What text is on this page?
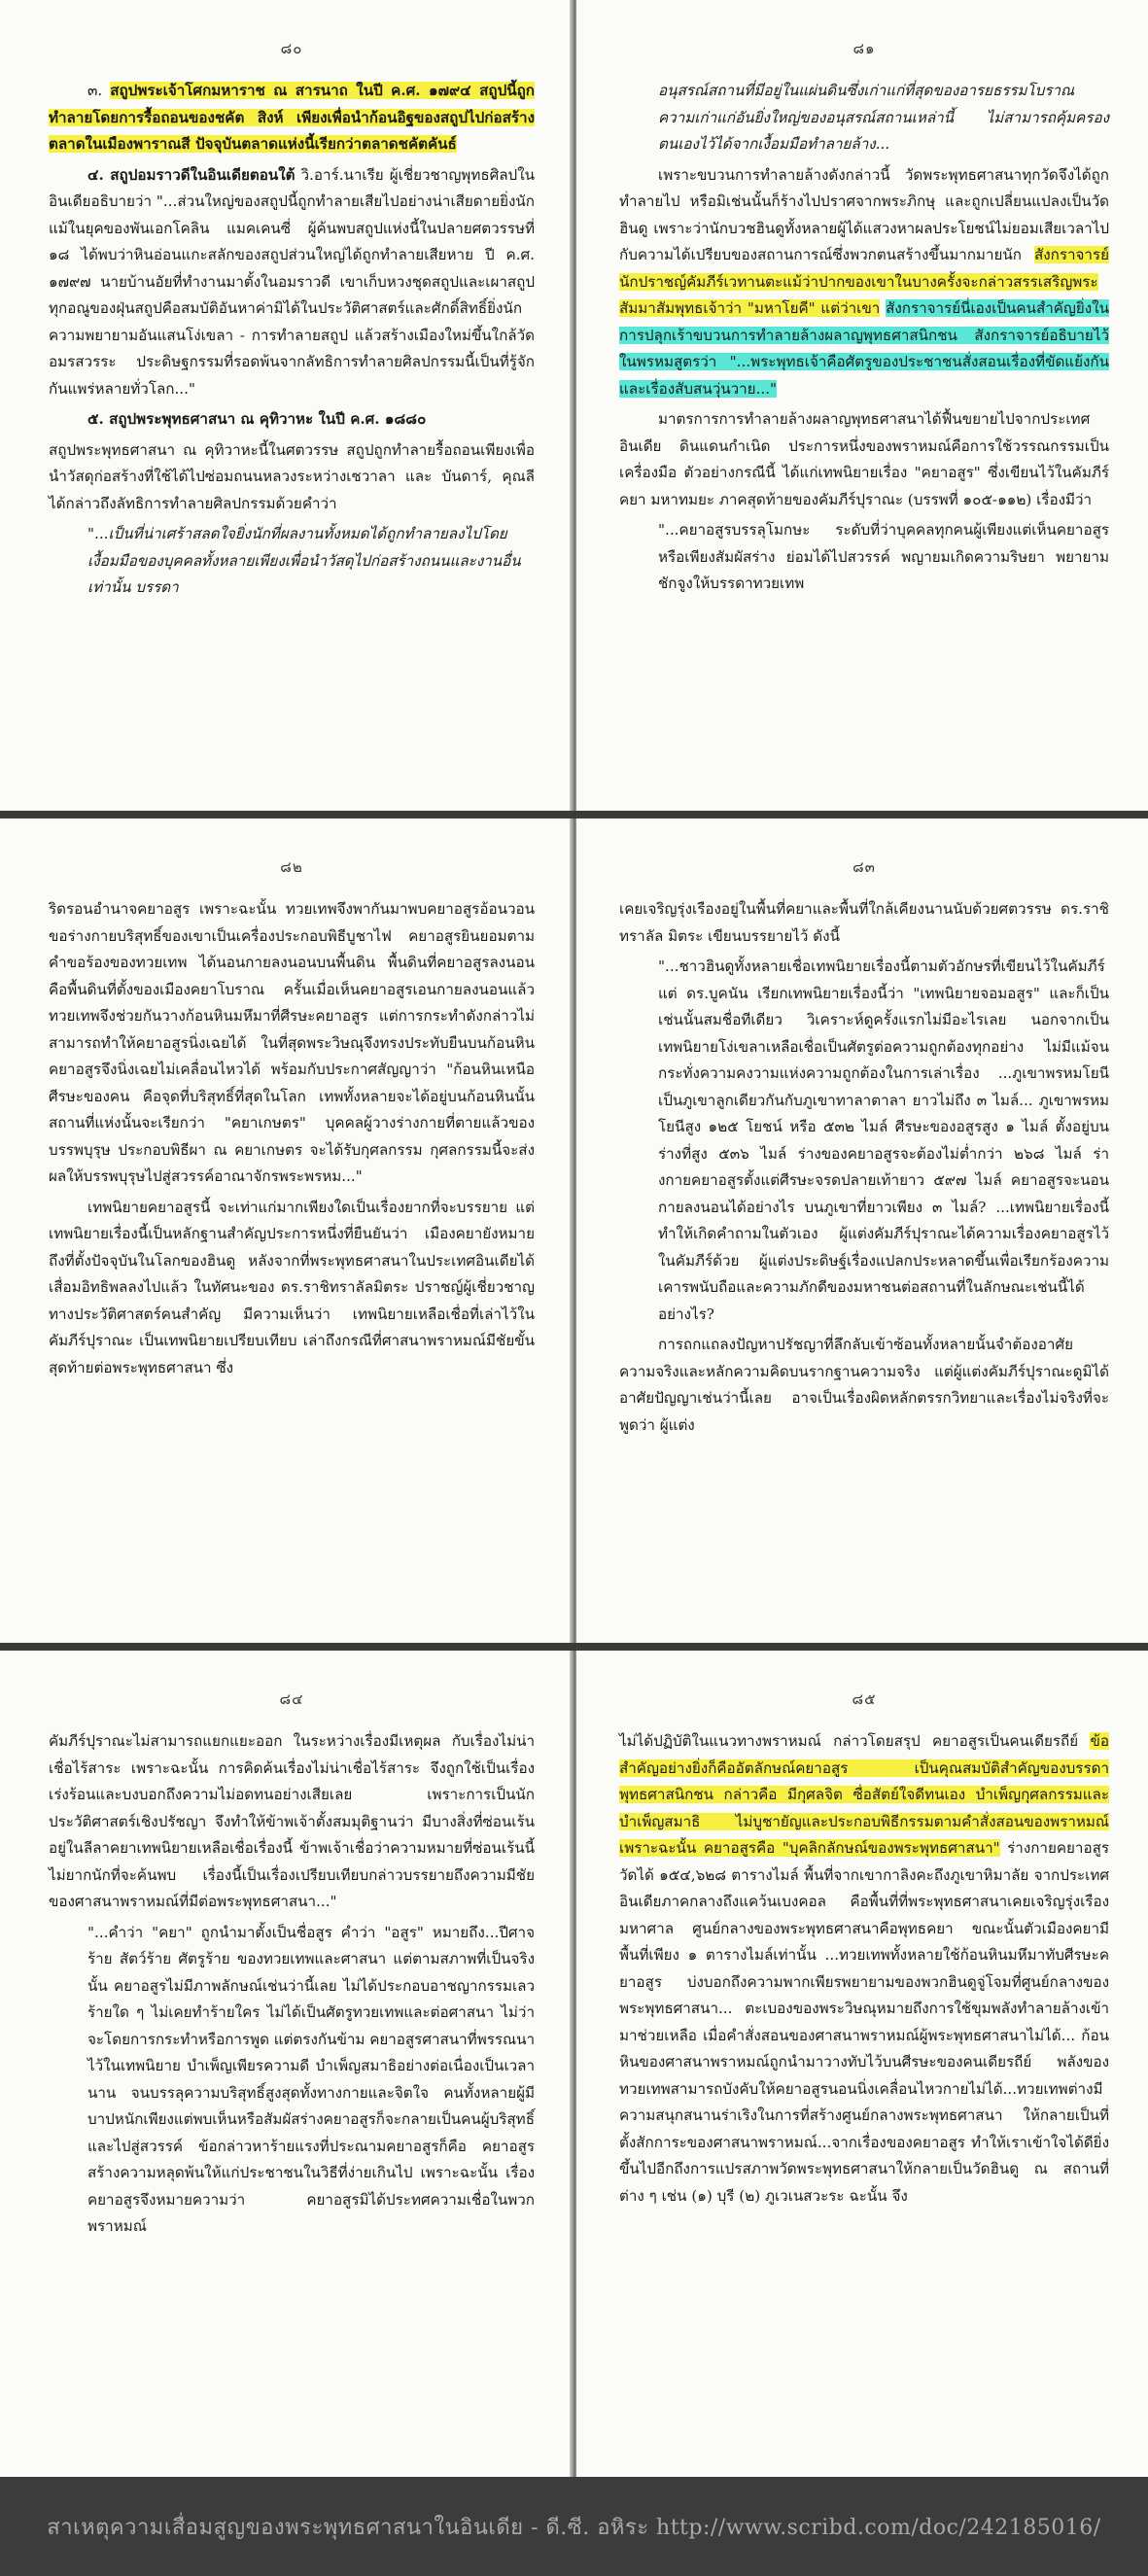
๘๐

๓. สถูปพระเจ้าโศกมหาราช ณ สารนาถ ในปี ค.ศ. ๑๗๙๔ สถูปนี้ถูกทำลายโดยการรื้อถอนของชคัต สิงห์ เพียงเพื่อนำก้อนอิฐของสถูปไปก่อสร้างตลาดในเมืองพาราณสี ปัจจุบันตลาดแห่งนี้เรียกว่าตลาดชคัตคันธ์

๔. สถูปอมราวดีในอินเดียตอนใต้ วิ.อาร์.นาเรีย ผู้เชี่ยวชาญพุทธศิลปในอินเดียอธิบายว่า "...ส่วนใหญ่ของสถูปนี้ถูกทำลายเสียไปอย่างน่าเสียดายยิ่งนัก แม้ในยุคของพันเอกโคลิน แมคเคนซี่ ผู้ค้นพบสถูปแห่งนี้ในปลายศตวรรษที่ ๑๘ ได้พบว่าหินอ่อนแกะสลักของสถูปส่วนใหญ่ได้ถูกทำลายเสียหาย ปี ค.ศ. ๑๗๙๗ นายบ้านอัยที่ทำงานมาตั้งในอมราวดี เขาเก็บหวงชุดสถูปและเผาสถูป ทุกอณูของฝุ่นสถูปคือสมบัติอันหาค่ามิได้ในประวัติศาสตร์และศักดิ์สิทธิ์ยิ่งนัก ความพยายามอันแสนโง่เขลา - การทำลายสถูป แล้วสร้างเมืองใหม่ขึ้นใกล้วัดอมรสวรระ ประดิษฐกรรมที่รอดพ้นจากลัทธิการทำลายศิลปกรรมนี้เป็นที่รู้จักกันแพร่หลายทั่วโลก..."

๕. สถูปพระพุทธศาสนา ณ คุทิวาหะ ในปี ค.ศ. ๑๘๘๐

สถูปพระพุทธศาสนา ณ คุทิวาหะนี้ในศตวรรษ สถูปถูกทำลายรื้อถอนเพียงเพื่อนำวัสดุก่อสร้างที่ใช้ได้ไปซ่อมถนนหลวงระหว่างเชวาลา และ บันดาร์, คุณลี ได้กล่าวถึงลัทธิการทำลายศิลปกรรมด้วยคำว่า

"...เป็นที่น่าเศร้าสลดใจยิ่งนักที่ผลงานทั้งหมดได้ถูกทำลายลงไปโดยเงื้อมมือของบุคคลทั้งหลายเพียงเพื่อนำวัสดุไปก่อสร้างถนนและงานอื่นเท่านั้น บรรดา

๘๑

อนุสรณ์สถานที่มีอยู่ในแผ่นดินซึ่งเก่าแก่ที่สุดของอารยธรรมโบราณ ความเก่าแก่อันยิ่งใหญ่ของอนุสรณ์สถานเหล่านี้ ไม่สามารถคุ้มครองตนเองไว้ได้จากเงื้อมมือทำลายล้าง...

เพราะขบวนการทำลายล้างดังกล่าวนี้ วัดพระพุทธศาสนาทุกวัดจึงได้ถูกทำลายไป หรือมิเช่นนั้นก็ร้างไปปราศจากพระภิกษุ และถูกเปลี่ยนแปลงเป็นวัดฮินดู เพราะว่านักบวชฮินดูทั้งหลายผู้ได้แสวงหาผลประโยชน์ไม่ยอมเสียเวลาไปกับความได้เปรียบของสถานการณ์ซึ่งพวกตนสร้างขึ้นมากมายนัก สังกราจารย์นักปราชญ์คัมภีร์เวทานตะแม้ว่าปากของเขาในบางครั้งจะกล่าวสรรเสริญพระสัมมาสัมพุทธเจ้าว่า "มหาโยคี" แต่ว่าเขา สังกราจารย์นี่เองเป็นคนสำคัญยิ่งในการปลุกเร้าขบวนการทำลายล้างผลาญพุทธศาสนิกชน สังกราจารย์อธิบายไว้ในพรหมสูตรว่า "...พระพุทธเจ้าคือศัตรูของประชาชนสั่งสอนเรื่องที่ขัดแย้งกัน และเรื่องสับสนวุ่นวาย..."

มาตรการการทำลายล้างผลาญพุทธศาสนาได้ฟื้นขยายไปจากประเทศอินเดีย ดินแดนกำเนิด ประการหนึ่งของพราหมณ์คือการใช้วรรณกรรมเป็นเครื่องมือ ตัวอย่างกรณีนี้ ได้แก่เทพนิยายเรื่อง "คยาอสูร" ซึ่งเขียนไว้ในคัมภีร์คยา มหาทมยะ ภาคสุดท้ายของคัมภีร์ปุราณะ (บรรพที่ ๑๐๕-๑๑๒) เรื่องมีว่า

"...คยาอสูรบรรลุโมกษะ ระดับที่ว่าบุคคลทุกคนผู้เพียงแต่เห็นคยาอสูร หรือเพียงสัมผัสร่าง ย่อมได้ไปสวรรค์ พญายมเกิดความริษยา พยายามชักจูงให้บรรดาทวยเทพ

๘๒

ริดรอนอำนาจคยาอสูร เพราะฉะนั้น ทวยเทพจึงพากันมาพบคยาอสูรอ้อนวอนขอร่างกายบริสุทธิ์ของเขาเป็นเครื่องประกอบพิธีบูชาไฟ คยาอสูรยินยอมตามคำขอร้องของทวยเทพ ได้นอนกายลงนอนบนพื้นดิน พื้นดินที่คยาอสูรลงนอน คือพื้นดินที่ตั้งของเมืองคยาโบราณ ครั้นเมื่อเห็นคยาอสูรเอนกายลงนอนแล้ว ทวยเทพจึงช่วยกันวางก้อนหินมหึมาที่ศีรษะคยาอสูร แต่การกระทำดังกล่าวไม่สามารถทำให้คยาอสูรนิ่งเฉยได้ ในที่สุดพระวิษณุจึงทรงประทับยืนบนก้อนหิน คยาอสูรจึงนิ่งเฉยไม่เคลื่อนไหวได้ พร้อมกับประกาศสัญญาว่า "ก้อนหินเหนือศีรษะของคน คือจุดที่บริสุทธิ์ที่สุดในโลก เทพทั้งหลายจะได้อยู่บนก้อนหินนั้น สถานที่แห่งนั้นจะเรียกว่า "คยาเกษตร" บุคคลผู้วางร่างกายที่ตายแล้วของบรรพบุรุษ ประกอบพิธีผา ณ คยาเกษตร จะได้รับกุศลกรรม กุศลกรรมนี้จะส่งผลให้บรรพบุรุษไปสู่สวรรค์อาณาจักรพระพรหม..."

เทพนิยายคยาอสูรนี้ จะเท่าแก่มากเพียงใดเป็นเรื่องยากที่จะบรรยาย แต่เทพนิยายเรื่องนี้เป็นหลักฐานสำคัญประการหนึ่งที่ยืนยันว่า เมืองคยายังหมายถึงที่ตั้งปัจจุบันในโลกของฮินดู หลังจากที่พระพุทธศาสนาในประเทศอินเดียได้เสื่อมอิทธิพลลงไปแล้ว ในทัศนะของ ดร.ราชิทราลัลมิตระ ปราชญ์ผู้เชี่ยวชาญทางประวัติศาสตร์คนสำคัญ มีความเห็นว่า เทพนิยายเหลือเชื่อที่เล่าไว้ในคัมภีร์ปุราณะ เป็นเทพนิยายเปรียบเทียบ เล่าถึงกรณีที่ศาสนาพราหมณ์มีชัยขั้นสุดท้ายต่อพระพุทธศาสนา ซึ่ง

๘๓

เคยเจริญรุ่งเรืองอยู่ในพื้นที่คยาและพื้นที่ใกล้เคียงนานนับด้วยศตวรรษ ดร.ราชิทราลัล มิตระ เขียนบรรยายไว้ ดังนี้

"...ชาวฮินดูทั้งหลายเชื่อเทพนิยายเรื่องนี้ตามตัวอักษรที่เขียนไว้ในคัมภีร์ แต่ ดร.บูคนัน เรียกเทพนิยายเรื่องนี้ว่า "เทพนิยายจอมอสูร" และก็เป็นเช่นนั้นสมชื่อทีเดียว วิเคราะห์ดูครั้งแรกไม่มีอะไรเลย นอกจากเป็นเทพนิยายโง่เขลาเหลือเชื่อเป็นศัตรูต่อความถูกต้องทุกอย่าง ไม่มีแม้จนกระทั่งความคงวามแห่งความถูกต้องในการเล่าเรื่อง ...ภูเขาพรหมโยนี เป็นภูเขาลูกเดียวกันกับภูเขาทาลาตาลา ยาวไม่ถึง ๓ ไมล์... ภูเขาพรหมโยนีสูง ๑๒๕ โยชน์ หรือ ๕๓๒ ไมล์ ศีรษะของอสูรสูง ๑ ไมล์ ตั้งอยู่บนร่างที่สูง ๕๓๖ ไมล์ ร่างของคยาอสูรจะต้องไม่ต่ำกว่า ๒๖๘ ไมล์ ร่างกายคยาอสูรตั้งแต่ศีรษะจรดปลายเท้ายาว ๕๙๗ ไมล์ คยาอสูรจะนอนกายลงนอนได้อย่างไร บนภูเขาที่ยาวเพียง ๓ ไมล์? ...เทพนิยายเรื่องนี้ทำให้เกิดคำถามในตัวเอง ผู้แต่งคัมภีร์ปุราณะได้ความเรื่องคยาอสูรไว้ในคัมภีร์ด้วย ผู้แต่งประดิษฐ์เรื่องแปลกประหลาดขึ้นเพื่อเรียกร้องความเคารพนับถือและความภักดีของมหาชนต่อสถานที่ในลักษณะเช่นนี้ได้อย่างไร?

การถกแถลงปัญหาปรัชญาที่ลึกลับเข้าซ้อนทั้งหลายนั้นจำต้องอาศัยความจริงและหลักความคิดบนรากฐานความจริง แต่ผู้แต่งคัมภีร์ปุราณะดูมิได้อาศัยปัญญาเช่นว่านี้เลย อาจเป็นเรื่องผิดหลักตรรกวิทยาและเรื่องไม่จริงที่จะพูดว่า ผู้แต่ง

๘๔

คัมภีร์ปุราณะไม่สามารถแยกแยะออก ในระหว่างเรื่องมีเหตุผล กับเรื่องไม่น่าเชื่อไร้สาระ เพราะฉะนั้น การคิดค้นเรื่องไม่น่าเชื่อไร้สาระ จึงถูกใช้เป็นเรื่องเร่งร้อนและบงบอกถึงความไม่อดทนอย่างเสียเลย เพราะการเป็นนักประวัติศาสตร์เชิงปรัชญา จึงทำให้ข้าพเจ้าตั้งสมมุติฐานว่า มีบางสิ่งที่ซ่อนเร้นอยู่ในลีลาคยาเทพนิยายเหลือเชื่อเรื่องนี้ ข้าพเจ้าเชื่อว่าความหมายที่ซ่อนเร้นนี้ไม่ยากนักที่จะค้นพบ เรื่องนี้เป็นเรื่องเปรียบเทียบกล่าวบรรยายถึงความมีชัยของศาสนาพราหมณ์ที่มีต่อพระพุทธศาสนา..."

"...คำว่า "คยา" ถูกนำมาตั้งเป็นชื่อสูร คำว่า "อสูร" หมายถึง...ปีศาจร้าย สัตว์ร้าย ศัตรูร้าย ของทวยเทพและศาสนา แต่ตามสภาพที่เป็นจริงนั้น คยาอสูรไม่มีภาพลักษณ์เช่นว่านี้เลย ไม่ได้ประกอบอาชญากรรมเลวร้ายใด ๆ ไม่เคยทำร้ายใคร ไม่ได้เป็นศัตรูทวยเทพและต่อศาสนา ไม่ว่าจะโดยการกระทำหรือการพูด แต่ตรงกันข้าม คยาอสูรศาสนาที่พรรณนาไว้ในเทพนิยาย บำเพ็ญเพียรความดี บำเพ็ญสมาธิอย่างต่อเนื่องเป็นเวลานาน จนบรรลุความบริสุทธิ์สูงสุดทั้งทางกายและจิตใจ คนทั้งหลายผู้มีบาปหนักเพียงแต่พบเห็นหรือสัมผัสร่างคยาอสูรก็จะกลายเป็นคนผู้บริสุทธิ์และไปสู่สวรรค์ ข้อกล่าวหาร้ายแรงที่ประณามคยาอสูรก็คือ คยาอสูรสร้างความหลุดพ้นให้แก่ประชาชนในวิธีที่ง่ายเกินไป เพราะฉะนั้น เรื่องคยาอสูรจึงหมายความว่า คยาอสูรมิได้ประทศความเชื่อในพวกพราหมณ์

๘๕

ไม่ได้ปฏิบัติในแนวทางพราหมณ์ กล่าวโดยสรุป คยาอสูรเป็นคนเดียรถีย์ ข้อสำคัญอย่างยิ่งก็คืออัตลักษณ์คยาอสูร เป็นคุณสมบัติสำคัญของบรรดาพุทธศาสนิกชน กล่าวคือ มีกุศลจิต ซื่อสัตย์ใจดีทนเอง บำเพ็ญกุศลกรรมและบำเพ็ญสมาธิ ไม่บูชายัญและประกอบพิธีกรรมตามคำสั่งสอนของพราหมณ์ เพราะฉะนั้น คยาอสูรคือ "บุคลิกลักษณ์ของพระพุทธศาสนา" ร่างกายคยาอสูรวัดได้ ๑๕๔,๖๒๘ ตารางไมล์ พื้นที่จากเขากาลิงคะถึงภูเขาหิมาลัย จากประเทศอินเดียภาคกลางถึงแคว้นเบงคอล คือพื้นที่ที่พระพุทธศาสนาเคยเจริญรุ่งเรืองมหาศาล ศูนย์กลางของพระพุทธศาสนาคือพุทธคยา ขณะนั้นตัวเมืองคยามีพื้นที่เพียง ๑ ตารางไมล์เท่านั้น ...ทวยเทพทั้งหลายใช้ก้อนหินมหึมาทับศีรษะคยาอสูร บ่งบอกถึงความพากเพียรพยายามของพวกฮินดูจู่โจมที่ศูนย์กลางของพระพุทธศาสนา... ตะเบองของพระวิษณุหมายถึงการใช้ขุมพลังทำลายล้างเข้ามาช่วยเหลือ เมื่อคำสั่งสอนของศาสนาพราหมณ์ผู้พระพุทธศาสนาไม่ได้... ก้อนหินของศาสนาพราหมณ์ถูกนำมาวางทับไว้บนศีรษะของคนเดียรถีย์ พลังของทวยเทพสามารถบังคับให้คยาอสูรนอนนิ่งเคลื่อนไหวกายไม่ได้...ทวยเทพต่างมีความสนุกสนานร่าเริงในการที่สร้างศูนย์กลางพระพุทธศาสนา ให้กลายเป็นที่ตั้งสักการะของศาสนาพราหมณ์...จากเรื่องของคยาอสูร ทำให้เราเข้าใจได้ดียิ่งขึ้นไปอีกถึงการแปรสภาพวัดพระพุทธศาสนาให้กลายเป็นวัดฮินดู ณ สถานที่ต่าง ๆ เช่น (๑) บุรี (๒) ภูเวเนสวะระ ฉะนั้น จึง

สาเหตุความเสื่อมสูญของพระพุทธศาสนาในอินเดีย - ดี.ซี. อหิระ http://www.scribd.com/doc/242185016/
